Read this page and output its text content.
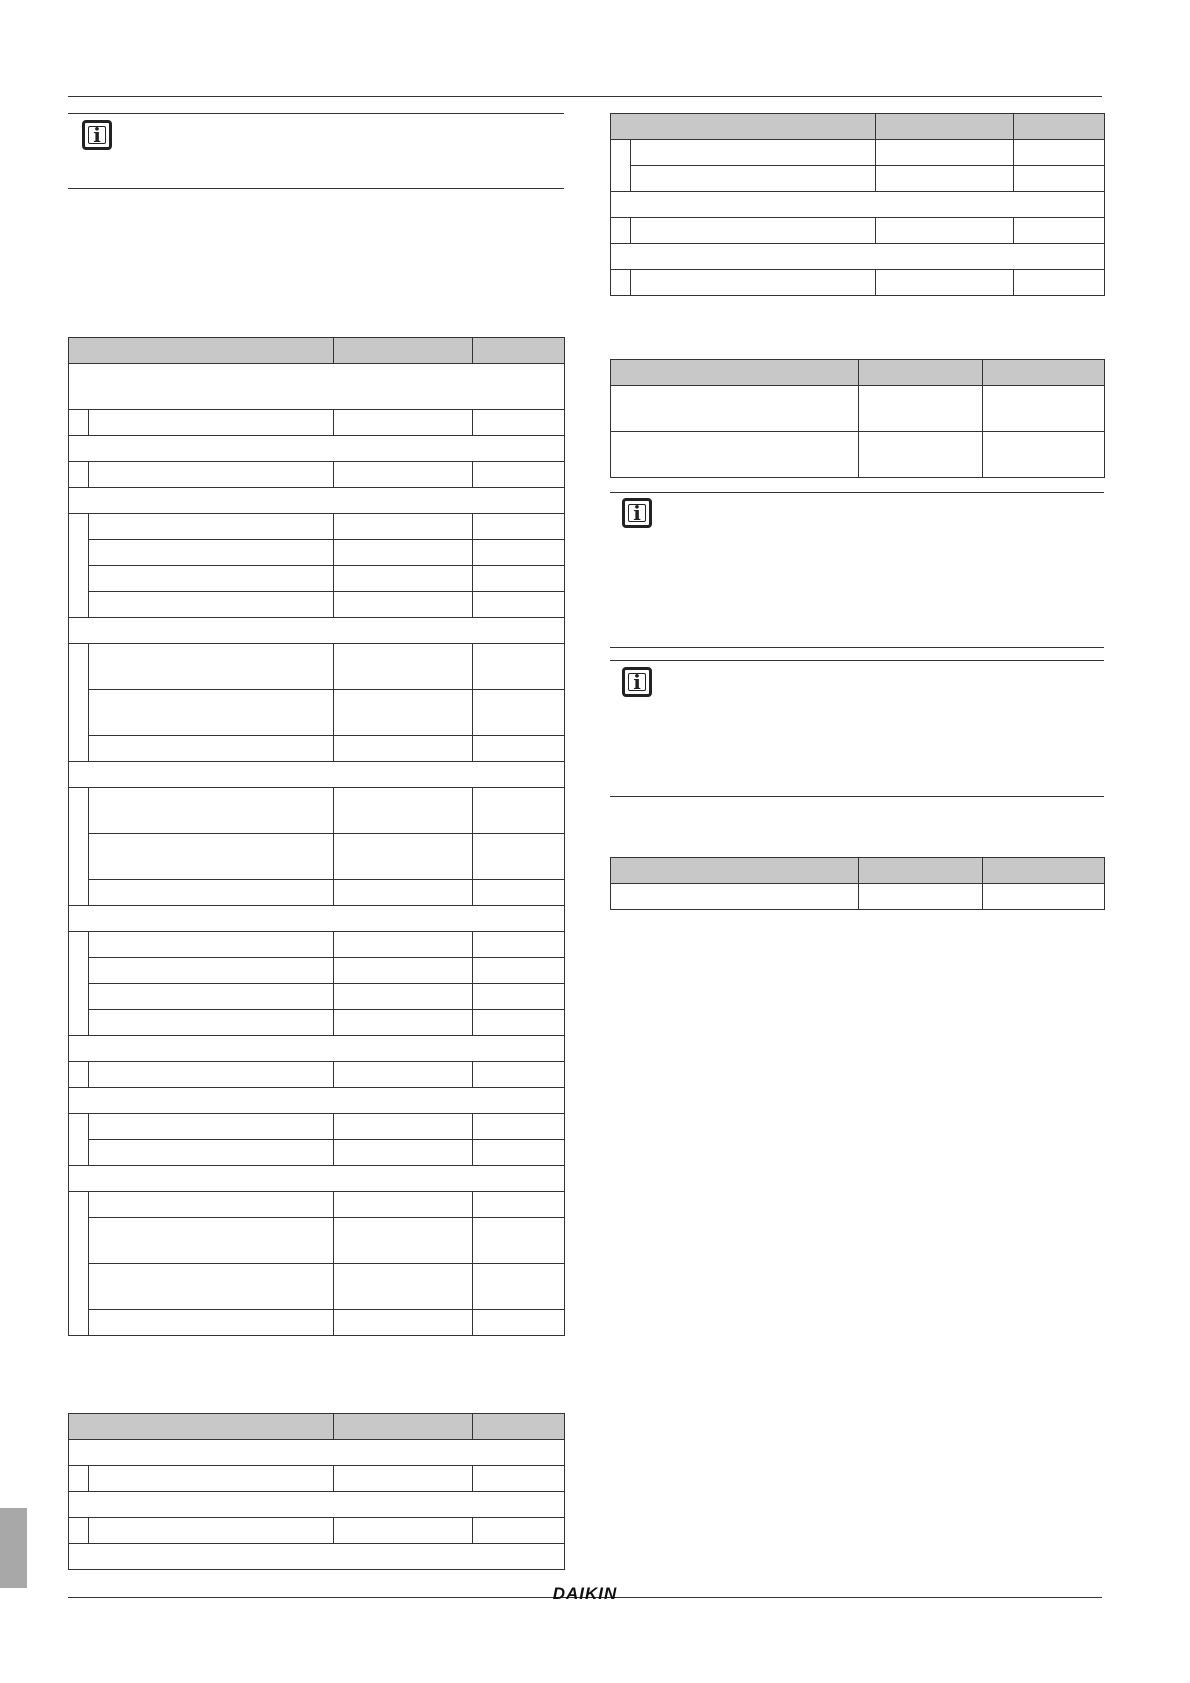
i

i
i

DAIKIN
